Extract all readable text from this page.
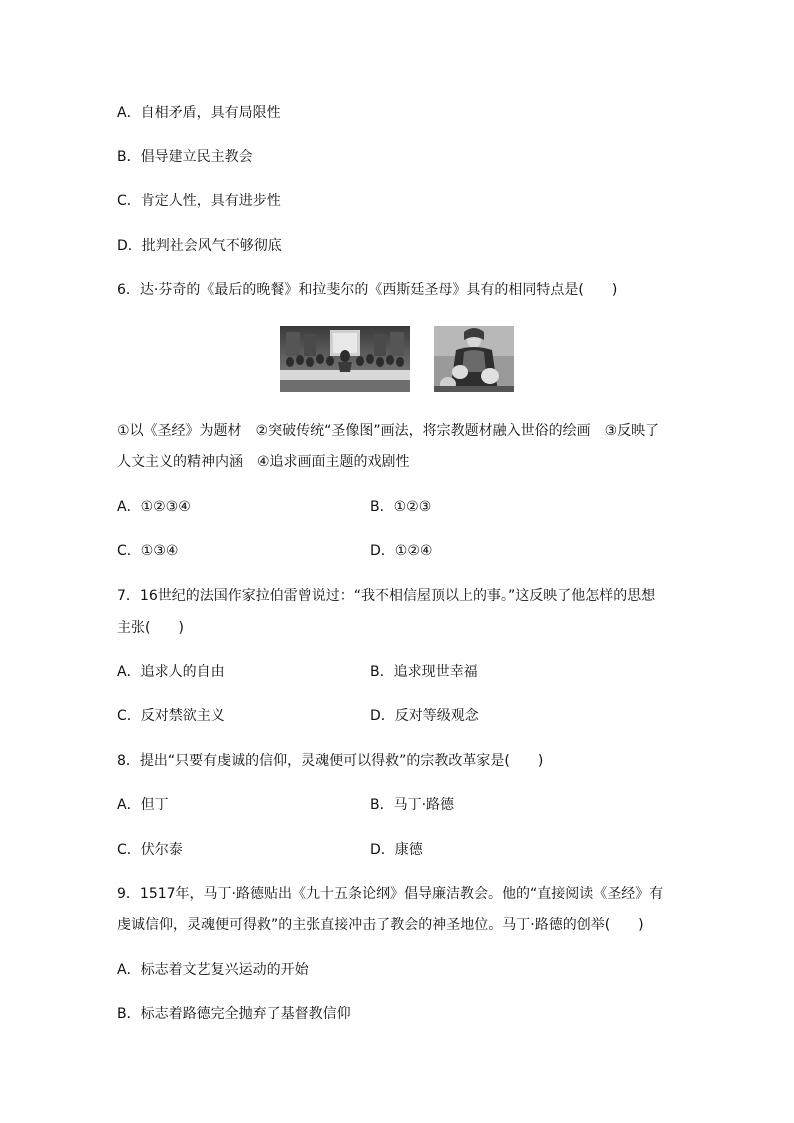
A．自相矛盾，具有局限性
B．倡导建立民主教会
C．肯定人性，具有进步性
D．批判社会风气不够彻底
6．达·芬奇的《最后的晚餐》和拉斐尔的《西斯廷圣母》具有的相同特点是(　　)
①以《圣经》为题材　②突破传统“圣像图”画法，将宗教题材融入世俗的绘画　③反映了
人文主义的精神内涵　④追求画面主题的戏剧性
A．①②③④	B．①②③
C．①③④	D．①②④
7．16世纪的法国作家拉伯雷曾说过：“我不相信屋顶以上的事。”这反映了他怎样的思想
主张(　　)
A．追求人的自由	B．追求现世幸福
C．反对禁欲主义	D．反对等级观念
8．提出“只要有虔诚的信仰，灵魂便可以得救”的宗教改革家是(　　)
A．但丁	B．马丁·路德
C．伏尔泰	D．康德
9．1517年，马丁·路德贴出《九十五条论纲》倡导廉洁教会。他的“直接阅读《圣经》有
虔诚信仰，灵魂便可得救”的主张直接冲击了教会的神圣地位。马丁·路德的创举(　　)
A．标志着文艺复兴运动的开始
B．标志着路德完全抛弃了基督教信仰
